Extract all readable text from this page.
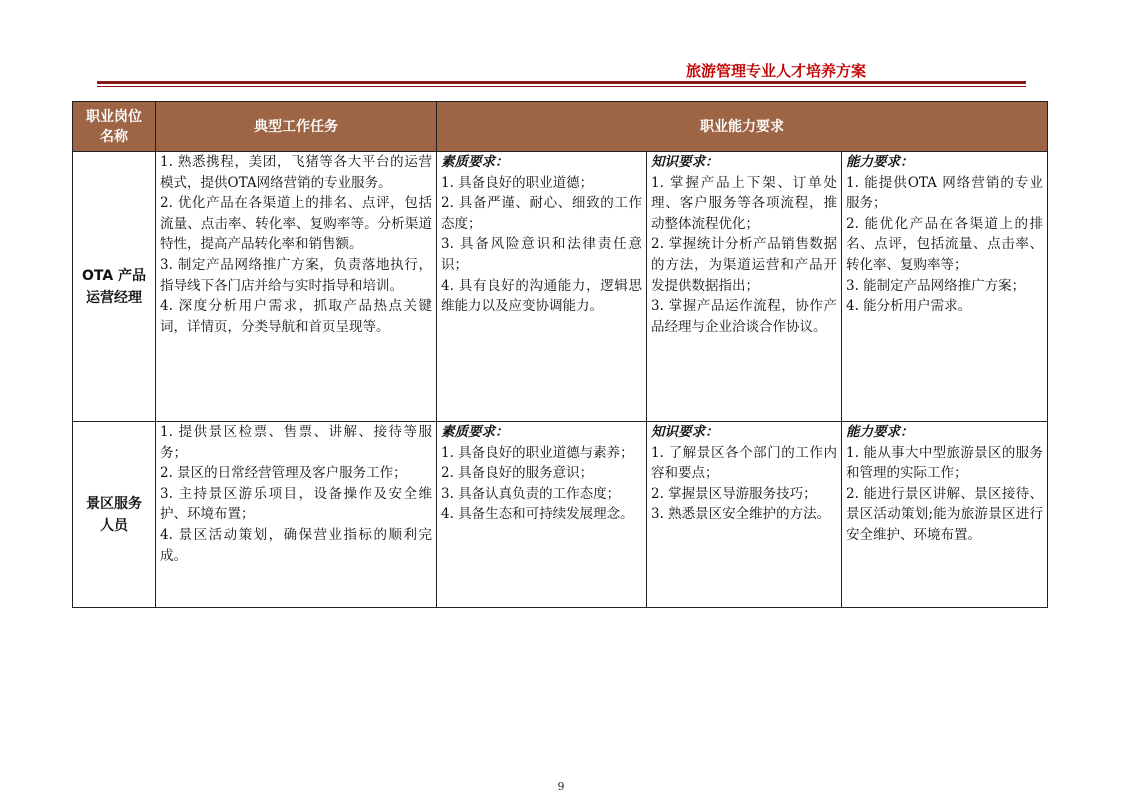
旅游管理专业人才培养方案
职业岗位
名称	典型工作任务	职业能力要求		

OTA 产品
运营经理	1. 熟悉携程，美团，飞猪等各大平台的运营模式，提供OTA网络营销的专业服务。
2. 优化产品在各渠道上的排名、点评，包括流量、点击率、转化率、复购率等。分析渠道特性，提高产品转化率和销售额。
3. 制定产品网络推广方案，负责落地执行，指导线下各门店并给与实时指导和培训。
4. 深度分析用户需求，抓取产品热点关键词，详情页，分类导航和首页呈现等。	素质要求：
1. 具备良好的职业道德；
2. 具备严谨、耐心、细致的工作态度；
3. 具备风险意识和法律责任意识；
4. 具有良好的沟通能力，逻辑思维能力以及应变协调能力。	知识要求：
1. 掌握产品上下架、订单处理、客户服务等各项流程，推动整体流程优化；
2. 掌握统计分析产品销售数据的方法，为渠道运营和产品开发提供数据指出；
3. 掌握产品运作流程，协作产品经理与企业洽谈合作协议。	能力要求：
1. 能提供OTA 网络营销的专业服务；
2. 能优化产品在各渠道上的排名、点评，包括流量、点击率、转化率、复购率等；
3. 能制定产品网络推广方案；
4. 能分析用户需求。

景区服务
人员	1. 提供景区检票、售票、讲解、接待等服务；
2. 景区的日常经营管理及客户服务工作；
3. 主持景区游乐项目，设备操作及安全维护、环境布置；
4. 景区活动策划，确保营业指标的顺利完成。	素质要求：
1. 具备良好的职业道德与素养；
2. 具备良好的服务意识；
3. 具备认真负责的工作态度；
4. 具备生态和可持续发展理念。	知识要求：
1. 了解景区各个部门的工作内容和要点；
2. 掌握景区导游服务技巧；
3. 熟悉景区安全维护的方法。	能力要求：
1. 能从事大中型旅游景区的服务和管理的实际工作；
2. 能进行景区讲解、景区接待、景区活动策划;能为旅游景区进行安全维护、环境布置。
9
